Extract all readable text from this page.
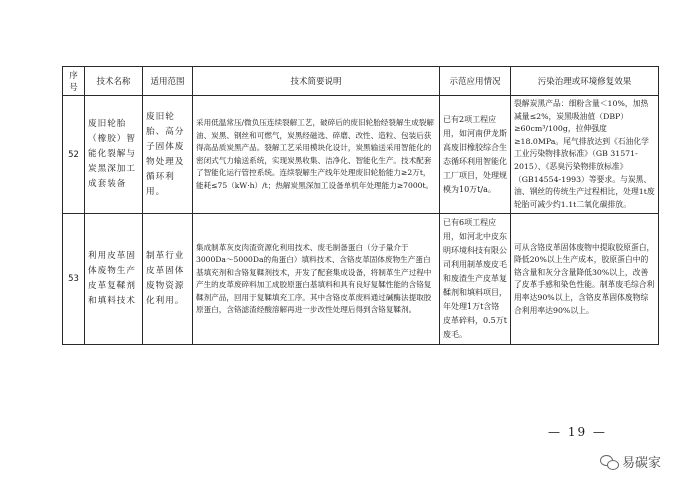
序号	技术名称	适用范围	技术简要说明	示范应用情况	污染治理或环境修复效果
52	废旧轮胎（橡胶）智能化裂解与炭黑深加工成套装备	废旧轮胎、高分子固体废物处理及循环利用。	采用低温常压/微负压连续裂解工艺，破碎后的废旧轮胎经裂解生成裂解油、炭黑、钢丝和可燃气，炭黑经磁选、碎磨、改性、造粒、包装后获得高品质炭黑产品。裂解工艺采用模块化设计，炭黑输送采用智能化的密闭式气力输送系统，实现炭黑收集、洁净化、智能化生产。技术配套了智能化运行管控系统。连续裂解生产线年处理废旧轮胎能力≥2万t，能耗≤75（kW·h）/t；热解炭黑深加工设备单机年处理能力≥7000t。	已有2项工程应用，如河南伊龙斯高废旧橡胶综合生态循环利用智能化工厂项目，处理规模为10万t/a。	裂解炭黑产品：细粉含量＜10%，加热减量≤2%，炭黑吸油值（DBP）≥60cm³/100g，拉伸强度≥18.0MPa。尾气排放达到《石油化学工业污染物排放标准》（GB 31571-2015）、《恶臭污染物排放标准》（GB14554-1993）等要求。与炭黑、油、钢丝的传统生产过程相比，处理1t废轮胎可减少约1.1t二氧化碳排放。
53	利用皮革固体废物生产皮革复鞣剂和填料技术	制革行业皮革固体废物资源化利用。	集成制革灰皮肉渣资源化利用技术、废毛制备蛋白（分子量介于3000Da～5000Da的角蛋白）填料技术、含铬皮革固体废物生产蛋白基填充剂和含铬复鞣剂技术，开发了配套集成设备，将制革生产过程中产生的皮革废碎料加工成胶原蛋白基填料和具有良好复鞣性能的含铬复鞣剂产品，回用于复鞣填充工序。其中含铬皮革废料通过碱酶法提取胶原蛋白，含铬滤渣经酸溶解再进一步改性处理后得到含铬复鞣剂。	已有6项工程应用，如河北中皮东明环境科技有限公司利用制革废皮毛和废渣生产皮革复鞣剂和填料项目，年处理1万t含铬皮革碎料，0.5万t废毛。	可从含铬皮革固体废物中提取胶原蛋白，降低20%以上生产成本，胶原蛋白中的铬含量和灰分含量降低30%以上，改善了皮革手感和染色性能。制革废毛综合利用率达90%以上，含铬皮革固体废物综合利用率达90%以上。
— 19 —
易碳家
